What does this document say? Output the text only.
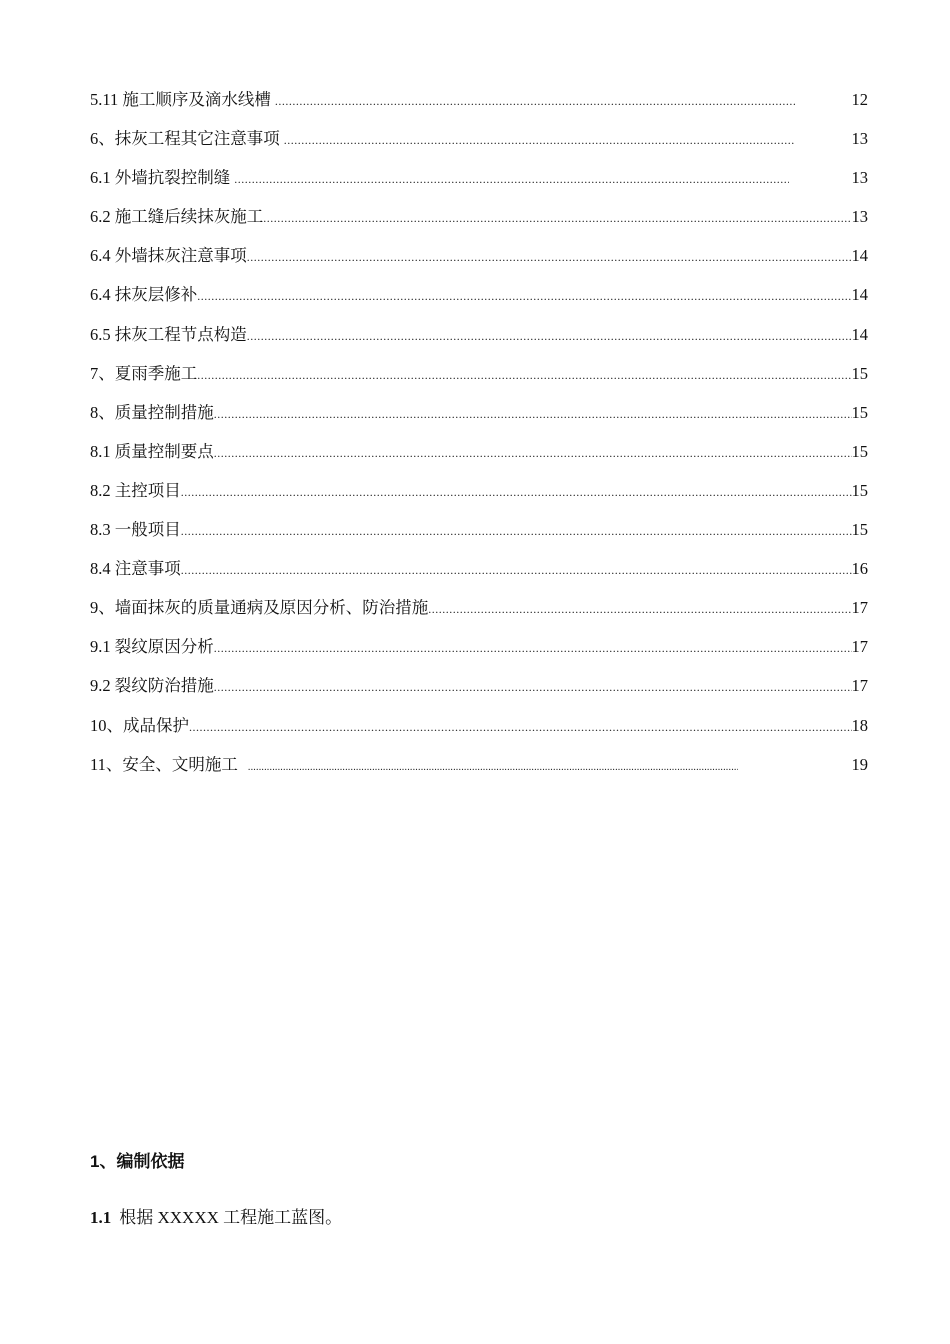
5.11 施工顺序及滴水线槽 .....	12
6、抹灰工程其它注意事项 .....	13
6.1 外墙抗裂控制缝 .....	13
6.2 施工缝后续抹灰施工 .....	13
6.4 外墙抹灰注意事项 .....	14
6.4 抹灰层修补 .....	14
6.5 抹灰工程节点构造 .....	14
7、夏雨季施工 .....	15
8、质量控制措施 .....	15
8.1 质量控制要点 .....	15
8.2 主控项目 .....	15
8.3 一般项目 .....	15
8.4 注意事项 .....	16
9、墙面抹灰的质量通病及原因分析、防治措施 .....	17
9.1 裂纹原因分析 .....	17
9.2 裂纹防治措施 .....	17
10、成品保护 .....	18
11、安全、文明施工 .....	19
1、编制依据
1.1 根据 XXXXX 工程施工蓝图。
